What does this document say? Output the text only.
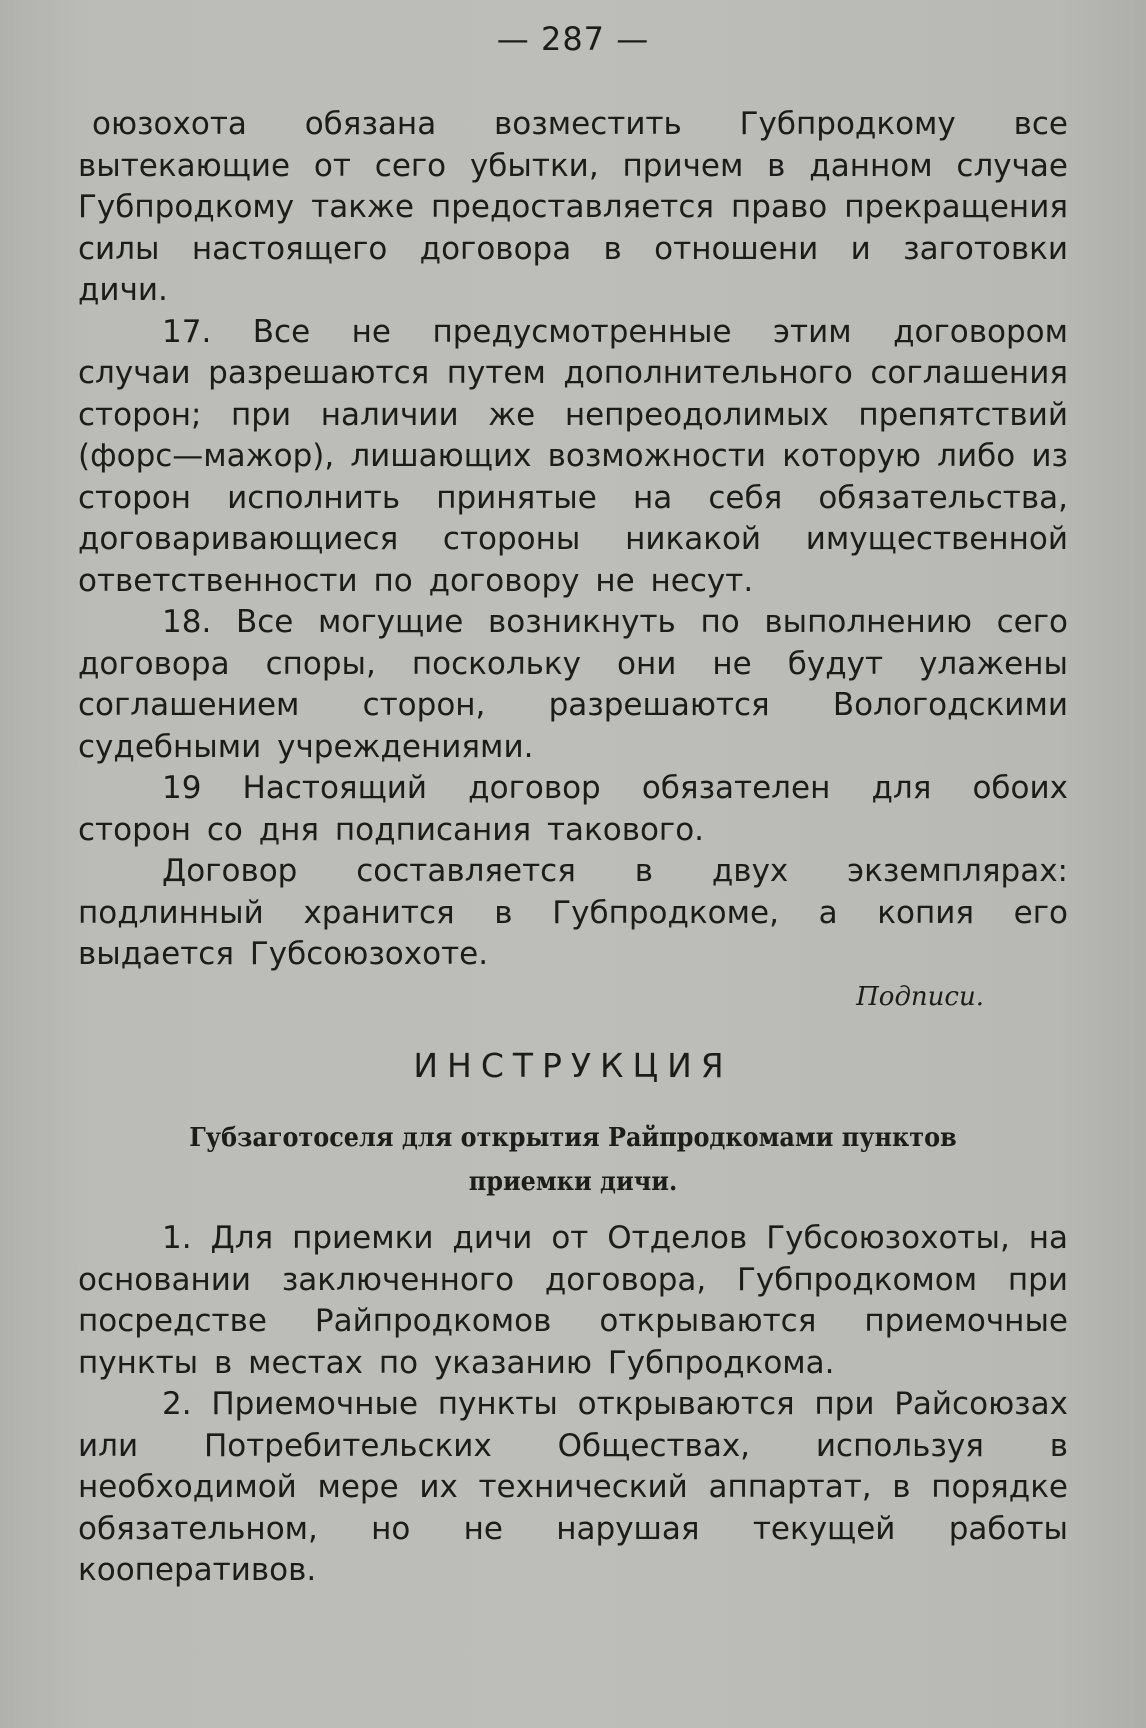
— 287 —

оюзохота обязана возместить Губпродкому все вытекающие от сего убытки, причем в данном случае Губпродкому также предоставляется право прекращения силы настоящего договора в отношени и заготовки дичи.

17. Все не предусмотренные этим договором случаи разрешаются путем дополнительного соглашения сторон; при наличии же непреодолимых препятствий (форс—мажор), лишающих возможности которую либо из сторон исполнить принятые на себя обязательства, договаривающиеся стороны никакой имущественной ответственности по договору не несут.

18. Все могущие возникнуть по выполнению сего договора споры, поскольку они не будут улажены соглашением сторон, разрешаются Вологодскими судебными учреждениями.

19 Настоящий договор обязателен для обоих сторон со дня подписания такового.

Договор составляется в двух экземплярах: подлинный хранится в Губпродкоме, а копия его выдается Губсоюзохоте.

Подписи.
ИНСТРУКЦИЯ
Губзаготоселя для открытия Райпродкомами пунктов приемки дичи.

1. Для приемки дичи от Отделов Губсоюзохоты, на основании заключенного договора, Губпродкомом при посредстве Райпродкомов открываются приемочные пункты в местах по указанию Губпродкома.

2. Приемочные пункты открываются при Райсоюзах или Потребительских Обществах, используя в необходимой мере их технический аппартат, в порядке обязательном, но не нарушая текущей работы кооперативов.
